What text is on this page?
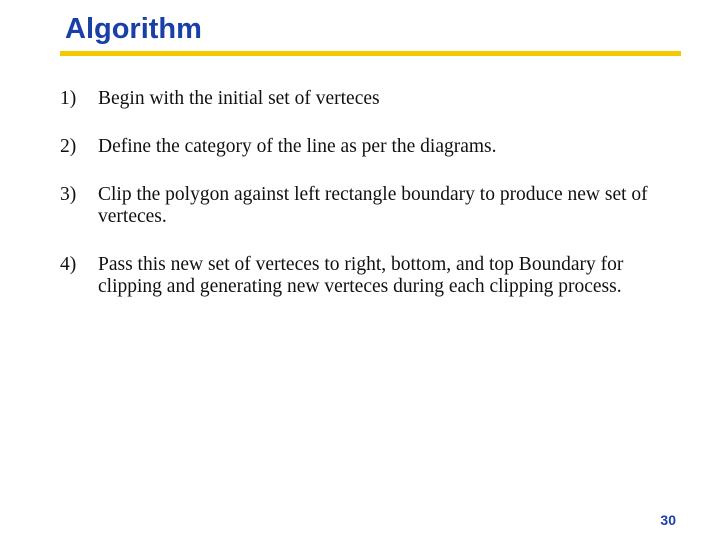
Algorithm
1) Begin with the initial set of verteces
2) Define the category of the line as per the diagrams.
3) Clip the polygon against left rectangle boundary to produce new set of verteces.
4) Pass this new set of verteces to right, bottom, and top Boundary for clipping and generating new verteces during each clipping process.
30
